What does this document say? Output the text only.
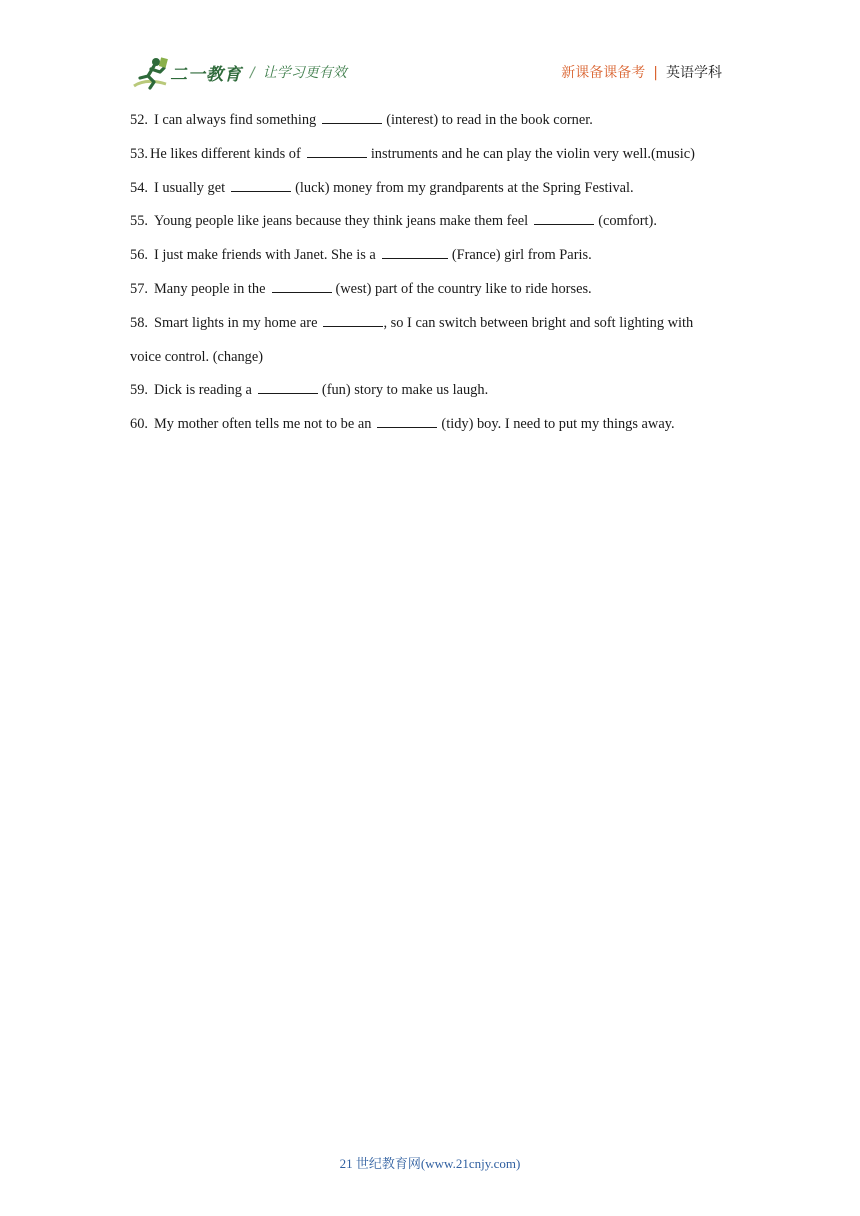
二一教育 / 让学习更有效	新课备课备考 | 英语学科
52. I can always find something	(interest) to read in the book corner.
53. He likes different kinds of	instruments and he can play the violin very well.(music)
54. I usually get	(luck) money from my grandparents at the Spring Festival.
55. Young people like jeans because they think jeans make them feel	(comfort).
56. I just make friends with Janet. She is a	(France) girl from Paris.
57. Many people in the	(west) part of the country like to ride horses.
58. Smart lights in my home are	, so I can switch between bright and soft lighting with
voice control. (change)
59. Dick is reading a	(fun) story to make us laugh.
60. My mother often tells me not to be an	(tidy) boy. I need to put my things away.
21 世纪教育网(www.21cnjy.com)
